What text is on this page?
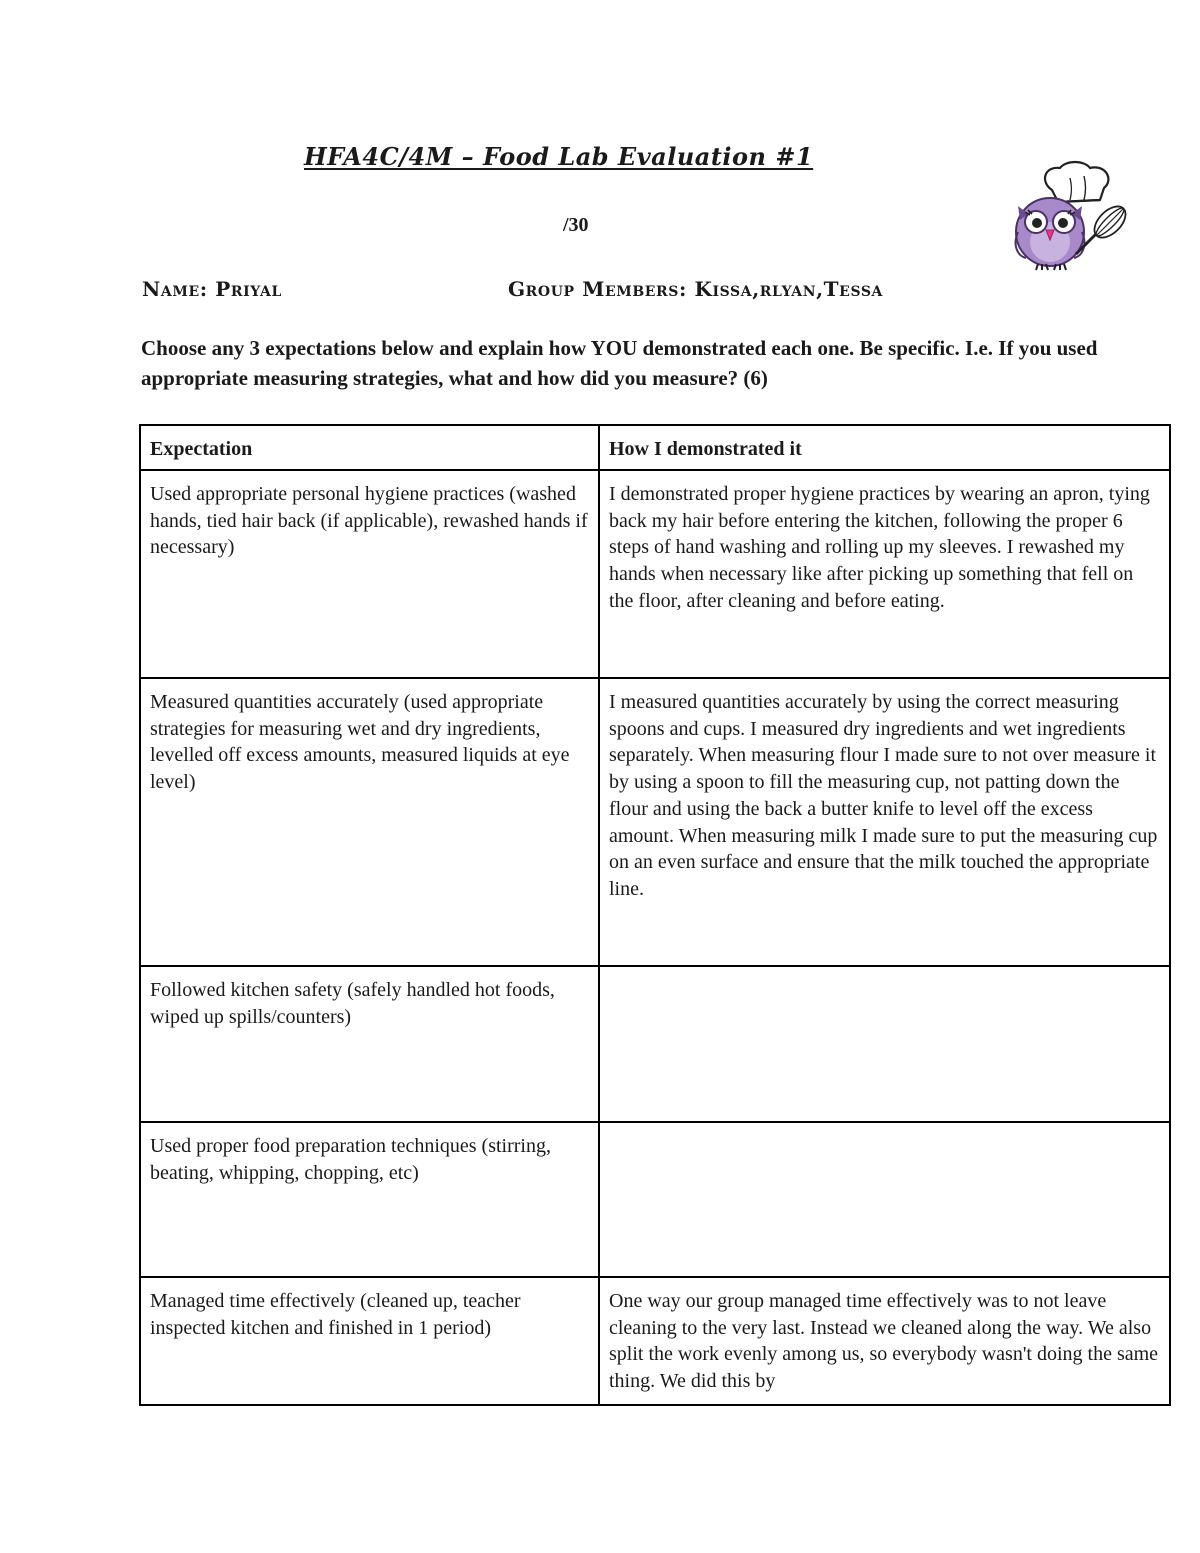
HFA4C/4M – Food Lab Evaluation #1
/30
Name: Priyal	Group Members: Kissa,rlyan,Tessa
Choose any 3 expectations below and explain how YOU demonstrated each one. Be specific. I.e. If you used appropriate measuring strategies, what and how did you measure? (6)
Expectation	How I demonstrated it
Used appropriate personal hygiene practices (washed hands, tied hair back (if applicable), rewashed hands if necessary)	I demonstrated proper hygiene practices by wearing an apron, tying back my hair before entering the kitchen, following the proper 6 steps of hand washing and rolling up my sleeves. I rewashed my hands when necessary like after picking up something that fell on the floor, after cleaning and before eating.
Measured quantities accurately (used appropriate strategies for measuring wet and dry ingredients, levelled off excess amounts, measured liquids at eye level)	I measured quantities accurately by using the correct measuring spoons and cups. I measured dry ingredients and wet ingredients separately. When measuring flour I made sure to not over measure it by using a spoon to fill the measuring cup, not patting down the flour and using the back a butter knife to level off the excess amount. When measuring milk I made sure to put the measuring cup on an even surface and ensure that the milk touched the appropriate line.
Followed kitchen safety (safely handled hot foods, wiped up spills/counters)	
Used proper food preparation techniques (stirring, beating, whipping, chopping, etc)	

Managed time effectively (cleaned up, teacher inspected kitchen and finished in 1 period)	One way our group managed time effectively was to not leave cleaning to the very last. Instead we cleaned along the way. We also split the work evenly among us, so everybody wasn't doing the same thing. We did this by
